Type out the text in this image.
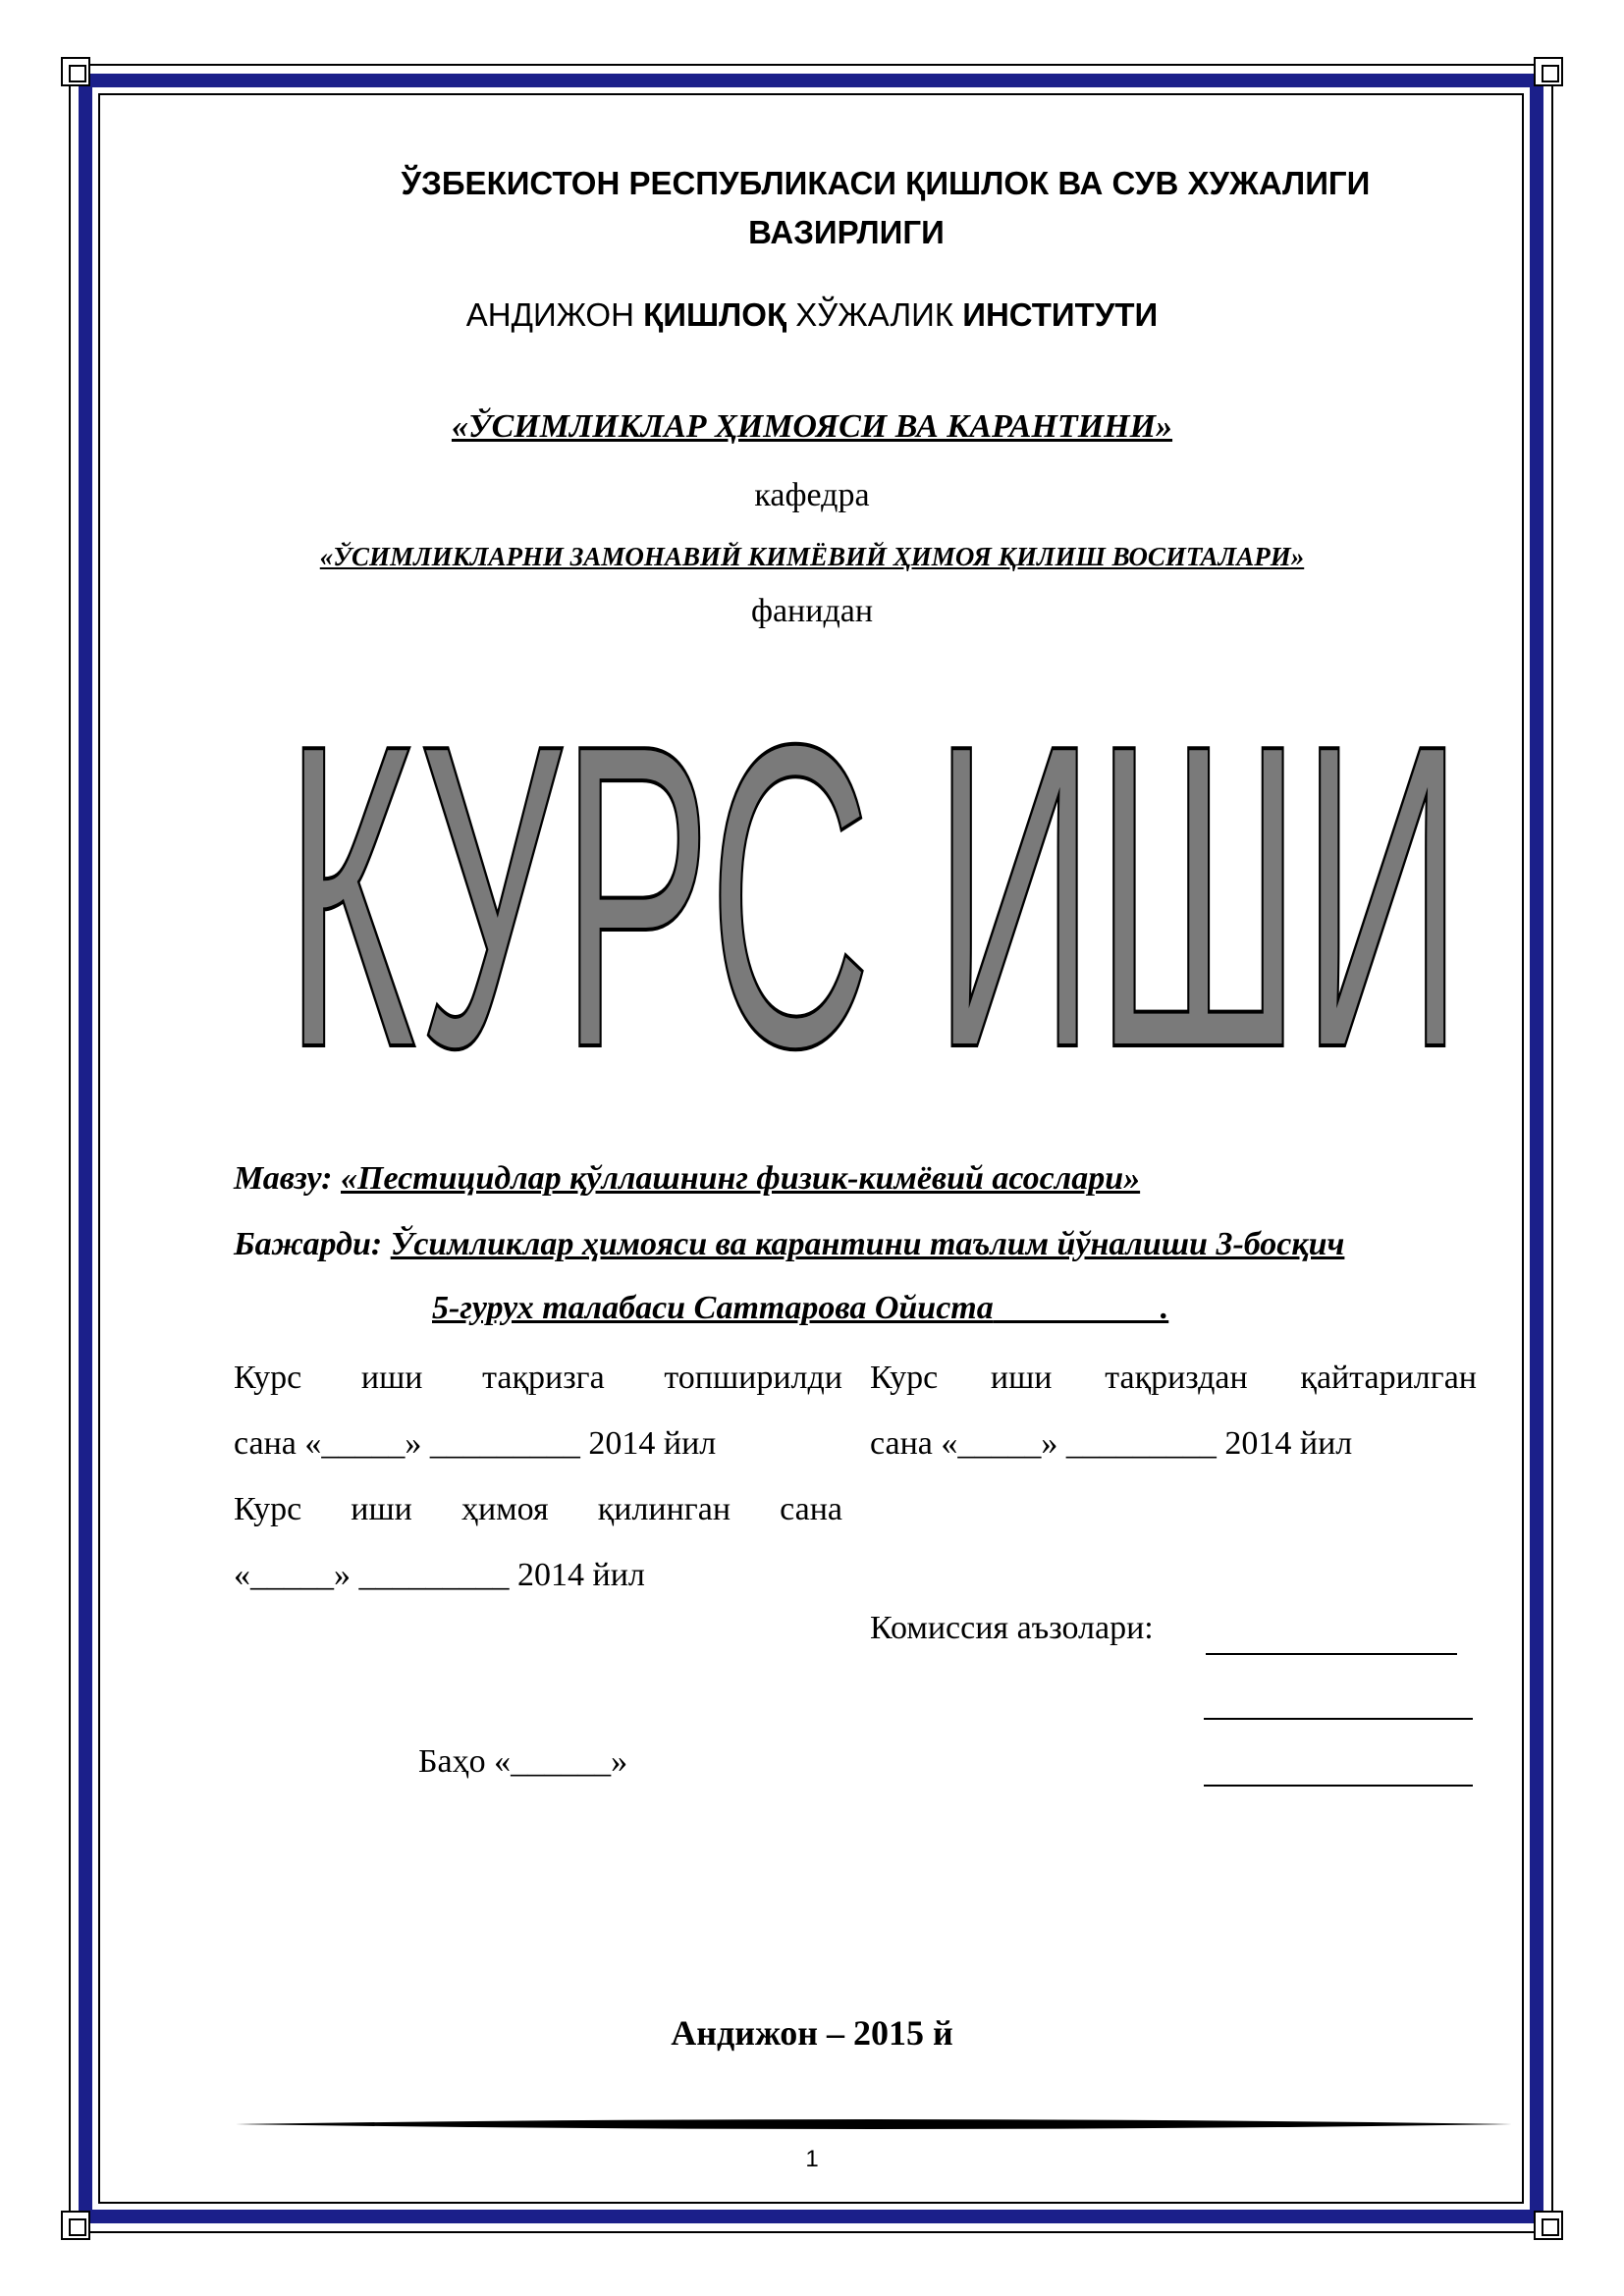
ЎЗБЕКИСТОН РЕСПУБЛИКАСИ ҚИШЛОК ВА СУВ ХУЖАЛИГИ
ВАЗИРЛИГИ
АНДИЖОН ҚИШЛОҚ ХЎЖАЛИК ИНСТИТУТИ
«ЎСИМЛИКЛАР ҲИМОЯСИ ВА КАРАНТИНИ»
кафедра
«ЎСИМЛИКЛАРНИ ЗАМОНАВИЙ КИМЁВИЙ ҲИМОЯ ҚИЛИШ ВОСИТАЛАРИ»
фанидан
КУРС ИШИ
Мавзу: «Пестицидлар қўллашнинг физик-кимёвий асослари»
Бажарди: Ўсимликлар ҳимояси ва карантини таълим йўналиши 3-босқич
5-гурух талабаси Саттарова Ойиста                    .
Курс иши тақризга топширилди
сана «_____» _________ 2014 йил
Курс иши ҳимоя қилинган сана
«_____» _________ 2014 йил
Курс иши тақриздан қайтарилган
сана «_____» _________ 2014 йил
Комиссия аъзолари:
Баҳо «______»
Андижон – 2015 й
1
